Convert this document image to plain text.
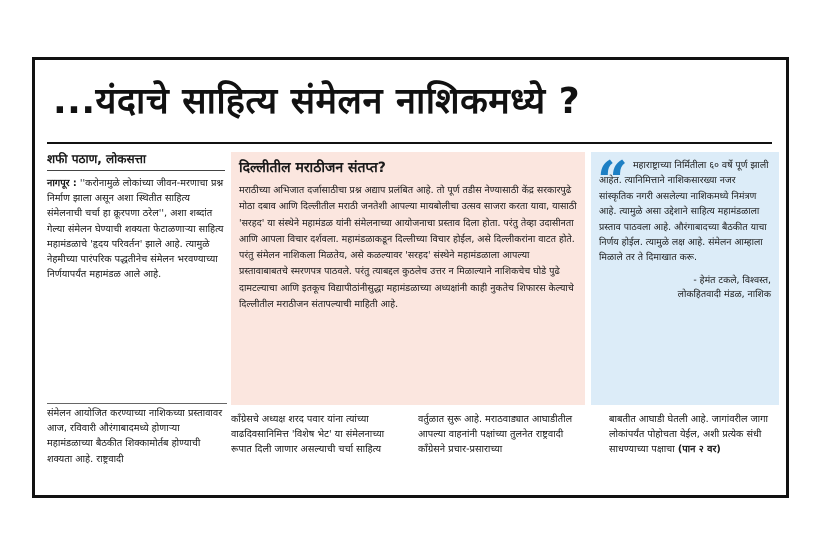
...यंदाचे साहित्य संमेलन नाशिकमध्ये ?
शफी पठाण, लोकसत्ता

नागपूर : ''करोनामुळे लोकांच्या जीवन-मरणाचा प्रश्न निर्माण झाला असून अशा स्थितीत साहित्य संमेलनाची चर्चा हा क्रूरपणा ठरेल'', अशा शब्दांत गेल्या संमेलन घेण्याची शक्यता फेटाळणाऱ्या साहित्य महामंडळाचे 'हृदय परिवर्तन' झाले आहे. त्यामुळे नेहमीच्या पारंपरिक पद्धतीनेच संमेलन भरवण्याच्या निर्णयापर्यंत महामंडळ आले आहे.

संमेलन आयोजित करण्याच्या नाशिकच्या प्रस्तावावर आज, रविवारी औरंगाबादमध्ये होणाऱ्या महामंडळाच्या बैठकीत शिक्कामोर्तब होण्याची शक्यता आहे. राष्ट्रवादी

दिल्लीतील मराठीजन संतप्त?

मराठीच्या अभिजात दर्जासाठीचा प्रश्न अद्याप प्रलंबित आहे. तो पूर्ण तडीस नेण्यासाठी केंद्र सरकारपुढे मोठा दबाव आणि दिल्लीतील मराठी जनतेशी आपल्या मायबोलीचा उत्सव साजरा करता यावा, यासाठी 'सरहद' या संस्थेने महामंडळ यांनी संमेलनाच्या आयोजनाचा प्रस्ताव दिला होता. परंतु तेव्हा उदासीनता आणि आपला विचार दर्शवला. महामंडळाकडून दिल्लीच्या विचार होईल, असे दिल्लीकरांना वाटत होते. परंतु संमेलन नाशिकला मिळतेय, असे कळल्यावर 'सरहद' संस्थेने महामंडळाला आपल्या प्रस्तावाबाबतचे स्मरणपत्र पाठवले. परंतु त्याबद्दल कुठलेच उत्तर न मिळाल्याने नाशिकचेच घोडे पुढे दामटल्याचा आणि इतकूच विद्यापीठांनीसुद्धा महामंडळाच्या अध्यक्षांनी काही नुकतेच शिफारस केल्याचे दिल्लीतील मराठीजन संतापल्याची माहिती आहे.

“ महाराष्ट्राच्या निर्मितीला ६० वर्षे पूर्ण झाली आहेत. त्यानिमित्ताने नाशिकसारख्या नजर सांस्कृतिक नगरी असलेल्या नाशिकमध्ये निमंत्रण आहे. त्यामुळे असा उद्देशाने साहित्य महामंडळाला प्रस्ताव पाठवला आहे. औरंगाबादच्या बैठकीत याचा निर्णय होईल. त्यामुळे लक्ष आहे. संमेलन आम्हाला मिळाले तर ते दिमाखात करू.

- हेमंत टकले, विश्वस्त,
लोकहितवादी मंडळ, नाशिक

काँग्रेसचे अध्यक्ष शरद पवार यांना त्यांच्या वाढदिवसानिमित्त 'विशेष भेट' या संमेलनाच्या रूपात दिली जाणार असल्याची चर्चा साहित्य

वर्तुळात सुरू आहे. मराठवाड्यात आघाडीतील आपल्या वाहनांनी पक्षांच्या तुलनेत राष्ट्रवादी काँग्रेसने प्रचार-प्रसाराच्या

बाबतीत आघाडी घेतली आहे. जागांवरील जागा लोकांपर्यंत पोहोचता येईल, अशी प्रत्येक संधी साधण्याच्या पक्षाचा (पान २ वर)
